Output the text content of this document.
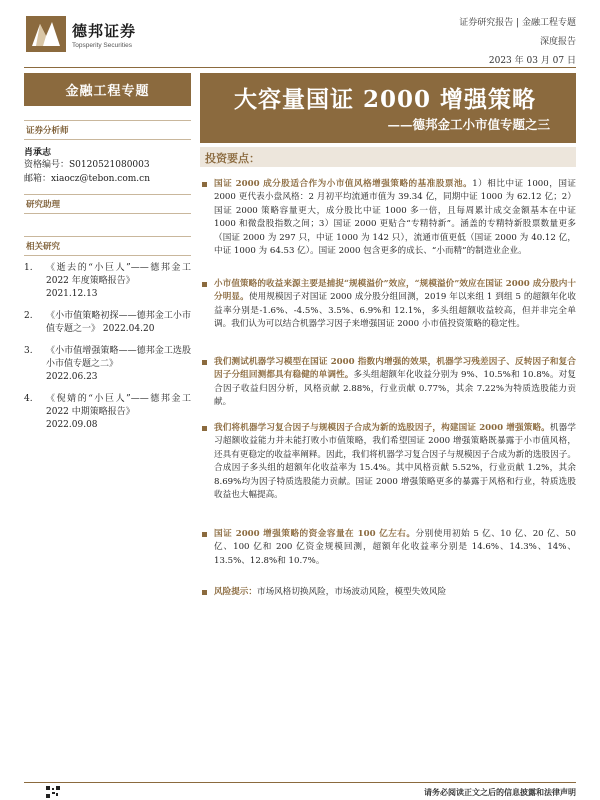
德邦证券
Topsperity Securities
证券研究报告 | 金融工程专题
深度报告
2023 年 03 月 07 日
金融工程专题	大容量国证 2000 增强策略
——德邦金工小市值专题之三
证券分析师
肖承志
资格编号：S0120521080003
邮箱：xiaocz@tebon.com.cn
研究助理
相关研究
1.	《逝去的“小巨人”——德邦金工 2022 年度策略报告》
2021.12.13
2.	《小市值策略初探——德邦金工小市值专题之一》 2022.04.20
3.	《小市值增强策略——德邦金工选股小市值专题之二》
2022.06.23
4.	《倪婧的“小巨人”——德邦金工 2022 中期策略报告》
2022.09.08
投资要点：
国证 2000 成分股适合作为小市值风格增强策略的基准股票池。1）相比中证 1000，国证 2000 更代表小盘风格：2 月初平均流通市值为 39.34 亿，同期中证 1000 为 62.12 亿；2）国证 2000 策略容量更大，成分股比中证 1000 多一倍，且每周累计成交金额基本在中证 1000 和微盘股指数之间；3）国证 2000 更贴合“专精特新”。涵盖的专精特新股票数量更多（国证 2000 为 297 只，中证 1000 为 142 只），流通市值更低（国证 2000 为 40.12 亿，中证 1000 为 64.53 亿）。国证 2000 包含更多的成长、“小而精”的制造业企业。
小市值策略的收益来源主要是捕捉“规模溢价”效应，“规模溢价”效应在国证 2000 成分股内十分明显。使用规模因子对国证 2000 成分股分组回测，2019 年以来组 1 到组 5 的超额年化收益率分别是-1.6%、-4.5%、3.5%、6.9%和 12.1%，多头组超额收益较高，但并非完全单调。我们认为可以结合机器学习因子来增强国证 2000 小市值投资策略的稳定性。
我们测试机器学习模型在国证 2000 指数内增强的效果，机器学习残差因子、反转因子和复合因子分组回测都具有稳健的单调性。多头组超额年化收益分别为 9%、10.5%和 10.8%。对复合因子收益归因分析，风格贡献 2.88%，行业贡献 0.77%，其余 7.22%为特质选股能力贡献。
我们将机器学习复合因子与规模因子合成为新的选股因子，构建国证 2000 增强策略。机器学习超额收益能力并未能打败小市值策略，我们希望国证 2000 增强策略既暴露于小市值风格，还具有更稳定的收益率阐释。因此，我们将机器学习复合因子与规模因子合成为新的选股因子。合成因子多头组的超额年化收益率为 15.4%。其中风格贡献 5.52%，行业贡献 1.2%，其余 8.69%均为因子特质选股能力贡献。国证 2000 增强策略更多的暴露于风格和行业，特质选股收益也大幅提高。
国证 2000 增强策略的资金容量在 100 亿左右。分别使用初始 5 亿、10 亿、20 亿、50 亿、100 亿和 200 亿资金规模回测，超额年化收益率分别是 14.6%、14.3%、14%、13.5%、12.8%和 10.7%。
风险提示：市场风格切换风险，市场波动风险，模型失效风险
请务必阅读正文之后的信息披露和法律声明
